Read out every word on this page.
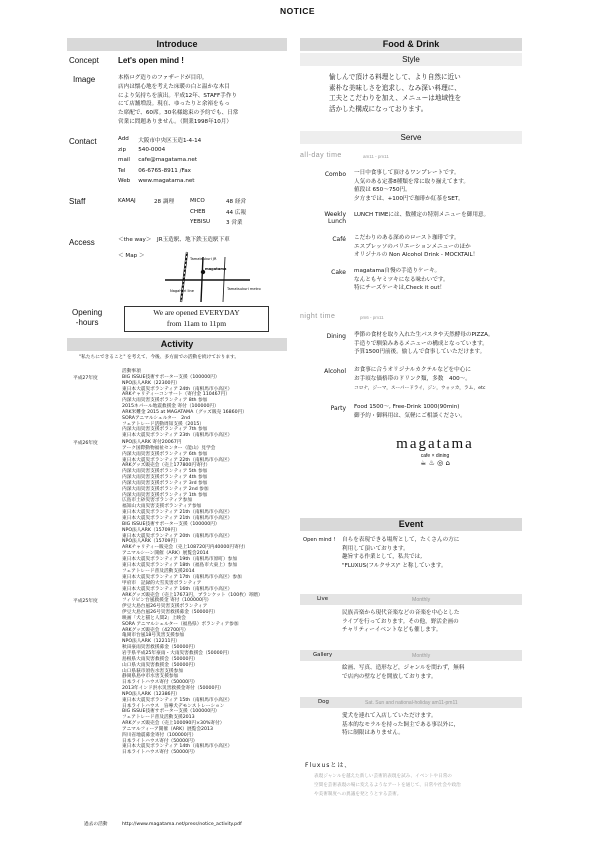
NOTICE
Introduce
Concept Let's open mind !
Image	本格ログ造りのファザードが目印。
店内は懐心地を考えた床暖の白と温かな木目
により気持ちを演出。平成12年、STAFF手作り
にて店舗増設。現在、ゆったりと余裕をもっ
た席配で、60席。30名様総束の予約でも、日常
営業に問題ありません。（開業1998年10月）
Contact	Add	大阪市中央区玉造1-4-14
zip	540-0004
mail	cafe@magatama.net
Tel	06-6765-8911 /Fax
Web	www.magatama.net
Staff	KAMAJ	28 調理	MICO	48 経営
		CHEB	44 広報
		YEBISU	3 営業
Access	＜the way＞　JR玉造駅、地下鉄玉造駅下車
＜ Map ＞	Tamatsukuri JR
magatama
Nagahori line	Tamatsukuri metro
Opening
-hours
We are opened EVERYDAY
from 11am to 11pm
Activity
"私たちにできること" を考えて、今後、多方面での活動を続けております。
平成27年度
活動事項
BIG ISSUE技術サポーター支援（100000円）
NPO法人ARK（22300円）
東日本大震災ボランティア 24th（南相馬市小高区）
ARKチャリティーコンサート（寄付金 110467円）
内深大雨災害支援ボランティア 8th 参加
2015ネパール地震救援金 寄付（100000円）
ARK米難金 2015 at MAGATAMA（グッズ販売 16860円）
SORAアニマルシェルター　2nd
フェアトレード活動周知支援（2015）
内深大雨災害支援ボランティア 7th 参加
東日本大震災ボランティア 23th（南相馬市小高区）
平成26年度	NPO法人ARK 寄付20067円
アーク国際動物福祉センター（能山）見学会
内深大雨災害支援ボランティア 6th 参加
東日本大震災ボランティア 22th（南相馬市小高区）
ARKグッズ販売会（売上177800円寄付）
内深大雨災害支援ボランティア 5th 参加
内深大雨災害支援ボランティア 4th 参加
内深大雨災害支援ボランティア 3rd 参加
内深大雨災害支援ボランティア 2nd 参加
内深大雨災害支援ボランティア 1th 参加
広島市土砂災害ボランティア参加
福知山大雨災害支援ボランティア参加
東日本大震災ボランティア 21th（南相馬市小高区）
東日本大震災ボランティア 21th（南相馬市小高区）
BIG ISSUE技術サポーター支援（100000円）
NPO法人ARK（15709円）
東日本大震災ボランティア 20th（南相馬市小高区）
NPO法人ARK（15709円）
ARKチャリティー販売会（売上108720円内40000円寄付）
アニマルシーン開催（ARK）展覧会2014
東日本大震災ボランティア 19th（南相馬市原町）参加
東日本大震災ボランティア 18th（福島市大東上）参加
フェアトレード普及活動支援2014
平成25年度
東日本大震災ボランティア 17th（南相馬市小高区）参加
甲府市　記録的大雪災害ボランティア
東日本大震災ボランティア 16th（南相馬市小高区）
ARKグッズ販売会（売上17673円，ブランケット（100枚）寄贈）
フィリピン台風救援金 寄付（100000円）
伊豆大島台風26号災害支援ボランティア
伊豆大島台風26号災害救援募金（50000円）
映画「犬と猫と人間2」上映会
SORA アニマルシェルター（福島県）ボランティア参加
ARKグッズ販売会（42700円）
亀岡市台風18号災害支援参加
NPO法人ARK（12211円）
秋田豪雨災害救援募金（50000円）
岩手県平成25年豪雨・大雨災害救援会（50000円）
島根県大雨災害救援会（50000円）
山口県大雨災害救援金（50000円）
山口県萩市須佐水害支援参加
静岡県島中市水害支援参加
日本ライトハウス寄付（50000円）
2013年インド洪水災害救援金寄付（50000円）
NPO法人ARK（12386円）
東日本大震災ボランティア 15th（南相馬市小高区）
日本ライトハウス　盲導犬デモンストレーション
BIG ISSUE技術サポーター支援（100000円）
フェアトレード普及活動支援2013
ARKグッズ販売会（売上100090円×30%寄付）
アニマルフィーア開催（ARK）展覧会2013
四川省地震募金寄付（100000円）
日本ライトハウス寄付（50000円）
東日本大震災ボランティア 14th（南相馬市小高区）
日本ライトハウス寄付（50000円）
過去の活動	http://www.magatama.net/press/notice_activity.pdf
Food & Drink
Style
愉しんで頂ける料理として、より自然に近い
素朴な美味しさを追求し、なみ深い料理に、
工夫とこだわりを加え、メニューは地域性を
活かした構成になっております。
Serve
all-day time	am11 - pm11
Combo 一日中食事して頂けるワンプレートです。
人気のある定番8種類を常に取り揃えてます。
値段は 650〜750円。
夕方までは、+100円で珈琲か紅茶をSET。
Weekly
Lunch
LUNCH TIMEには、数種定の特別メニューを御用意。
Café こだわりのある深めのロースト珈琲です。
エスプレッソのバリエーションメニューのほか
オリジナルの Non Alcohol Drink - MOCKTAIL！
Cake magatama自慢の手造りケーキ。
なんともヤミツキになる味わいです。
特にチーズケーキは,Check it out！
night time	pm6 - pm11
Dining 季節の食材を取り入れた生パスタや天然酵母のPIZZA。
手造りで馴染みあるメニューの構成となっています。
予算1500円前後。愉しんで食事していただけます。
Alcohol お食事に合うオリジナルカクテルなどを中心に
お手頃な価格帯のドリンク類，多数　400〜。
コロナ，ジーマ，スーパードライ，ジン，ウォッカ，ラム，etc
Party Food 1500〜, Free-Drink 1000(90min)
御予約・御料用は、気軽にご相談ください。
magatama
cafe × dining
☕ ♨ ◎ ⌂
Event
Open mind ! 自らを表現できる場所として，たくさんの方に
利用して頂いております。
趣旨する作業として，私共では,
"FLUXUS(フルクサス)" と称しています。
Live	Monthly
民族音楽から現代音楽などの音楽を中心とした
ライブを行っております。その他，野活企画の
チャリティーイベントなども催します。
Gallery	Monthly
絵画、写真、造形など，ジャンルを問わず，無料
で店内の壁などを開放しております。
Dog	Sat. Sun and national-holiday am11-pm11
愛犬を連れて入店していただけます。
基本的なモラルを持った飼主である事以外に，
特に制限はありません。
Fluxusとは、
表現ジャンルを越えた新しい芸術的表現を試み、イベントや日常の
空間を芸術表現の場に変えるようなアートを通じて、日常や社会や政治
や美術制度への異議を発とうとする芸術。
